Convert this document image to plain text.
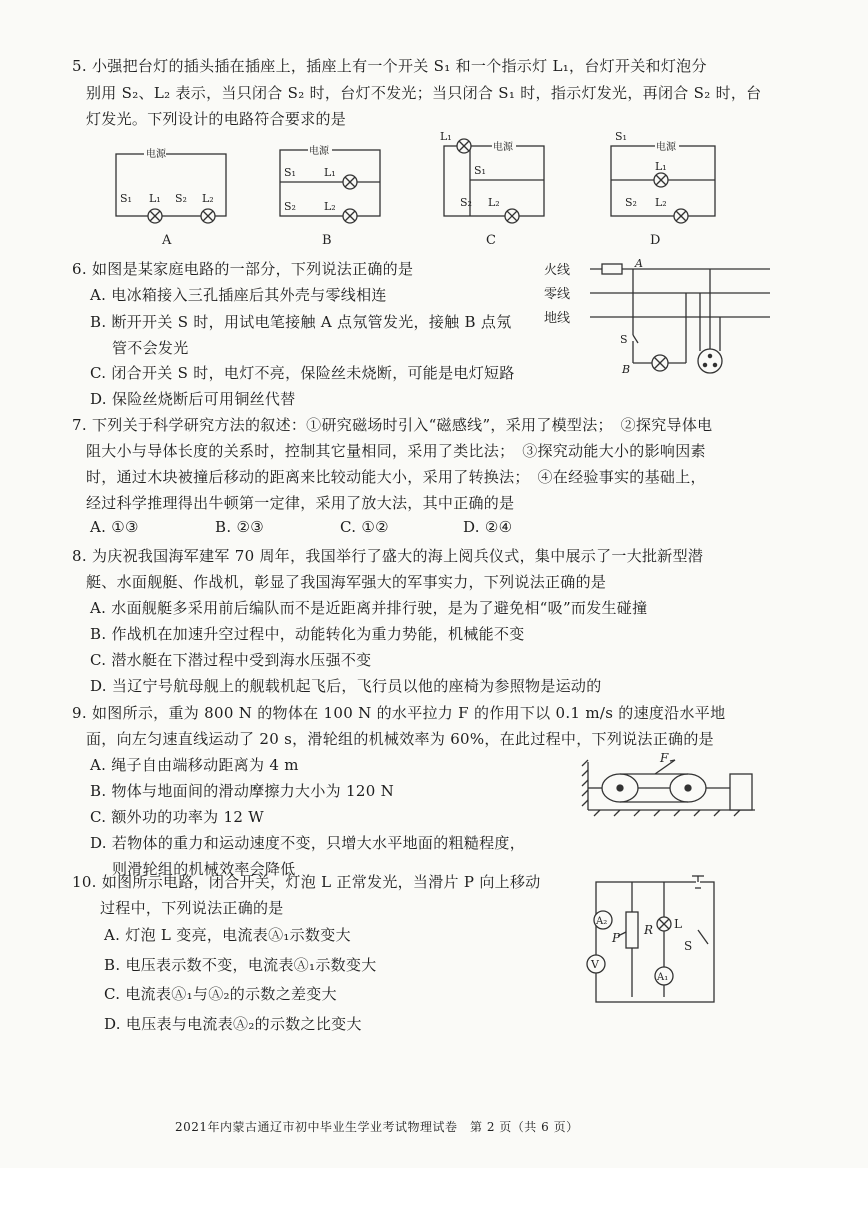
5. 小强把台灯的插头插在插座上，插座上有一个开关 S₁ 和一个指示灯 L₁，台灯开关和灯泡分
别用 S₂、L₂ 表示，当只闭合 S₂ 时，台灯不发光；当只闭合 S₁ 时，指示灯发光，再闭合 S₂ 时，台
灯发光。下列设计的电路符合要求的是
电源
S₁ L₁ S₂ L₂
A
电源
S₁	L₁
S₂	L₂
B
电源
L₁
S₁
S₂ L₂
C
电源
S₁
L₁
S₂ L₂
D
6. 如图是某家庭电路的一部分，下列说法正确的是
A. 电冰箱接入三孔插座后其外壳与零线相连
B. 断开开关 S 时，用试电笔接触 A 点氖管发光，接触 B 点氖
管不会发光
C. 闭合开关 S 时，电灯不亮，保险丝未烧断，可能是电灯短路
D. 保险丝烧断后可用铜丝代替
火线
零线
地线
A
S
B
7. 下列关于科学研究方法的叙述：①研究磁场时引入“磁感线”，采用了模型法；　②探究导体电
阻大小与导体长度的关系时，控制其它量相同，采用了类比法；　③探究动能大小的影响因素
时，通过木块被撞后移动的距离来比较动能大小，采用了转换法；　④在经验事实的基础上，
经过科学推理得出牛顿第一定律，采用了放大法，其中正确的是
A. ①③	B. ②③	C. ①②	D. ②④
8. 为庆祝我国海军建军 70 周年，我国举行了盛大的海上阅兵仪式，集中展示了一大批新型潜
艇、水面舰艇、作战机，彰显了我国海军强大的军事实力，下列说法正确的是
A. 水面舰艇多采用前后编队而不是近距离并排行驶，是为了避免相“吸”而发生碰撞
B. 作战机在加速升空过程中，动能转化为重力势能，机械能不变
C. 潜水艇在下潜过程中受到海水压强不变
D. 当辽宁号航母舰上的舰载机起飞后，飞行员以他的座椅为参照物是运动的
9. 如图所示，重为 800 N 的物体在 100 N 的水平拉力 F 的作用下以 0.1 m/s 的速度沿水平地
面，向左匀速直线运动了 20 s，滑轮组的机械效率为 60%，在此过程中，下列说法正确的是
A. 绳子自由端移动距离为 4 m
B. 物体与地面间的滑动摩擦力大小为 120 N
C. 额外功的功率为 12 W
D. 若物体的重力和运动速度不变，只增大水平地面的粗糙程度，
则滑轮组的机械效率会降低
F
10. 如图所示电路，闭合开关，灯泡 L 正常发光，当滑片 P 向上移动
过程中，下列说法正确的是
A. 灯泡 L 变亮，电流表Ⓐ₁示数变大
B. 电压表示数不变，电流表Ⓐ₁示数变大
C. 电流表Ⓐ₁与Ⓐ₂的示数之差变大
D. 电压表与电流表Ⓐ₂的示数之比变大
A₂
R
P
L
S
V
A₁
2021年内蒙古通辽市初中毕业生学业考试物理试卷　第 2 页（共 6 页）
